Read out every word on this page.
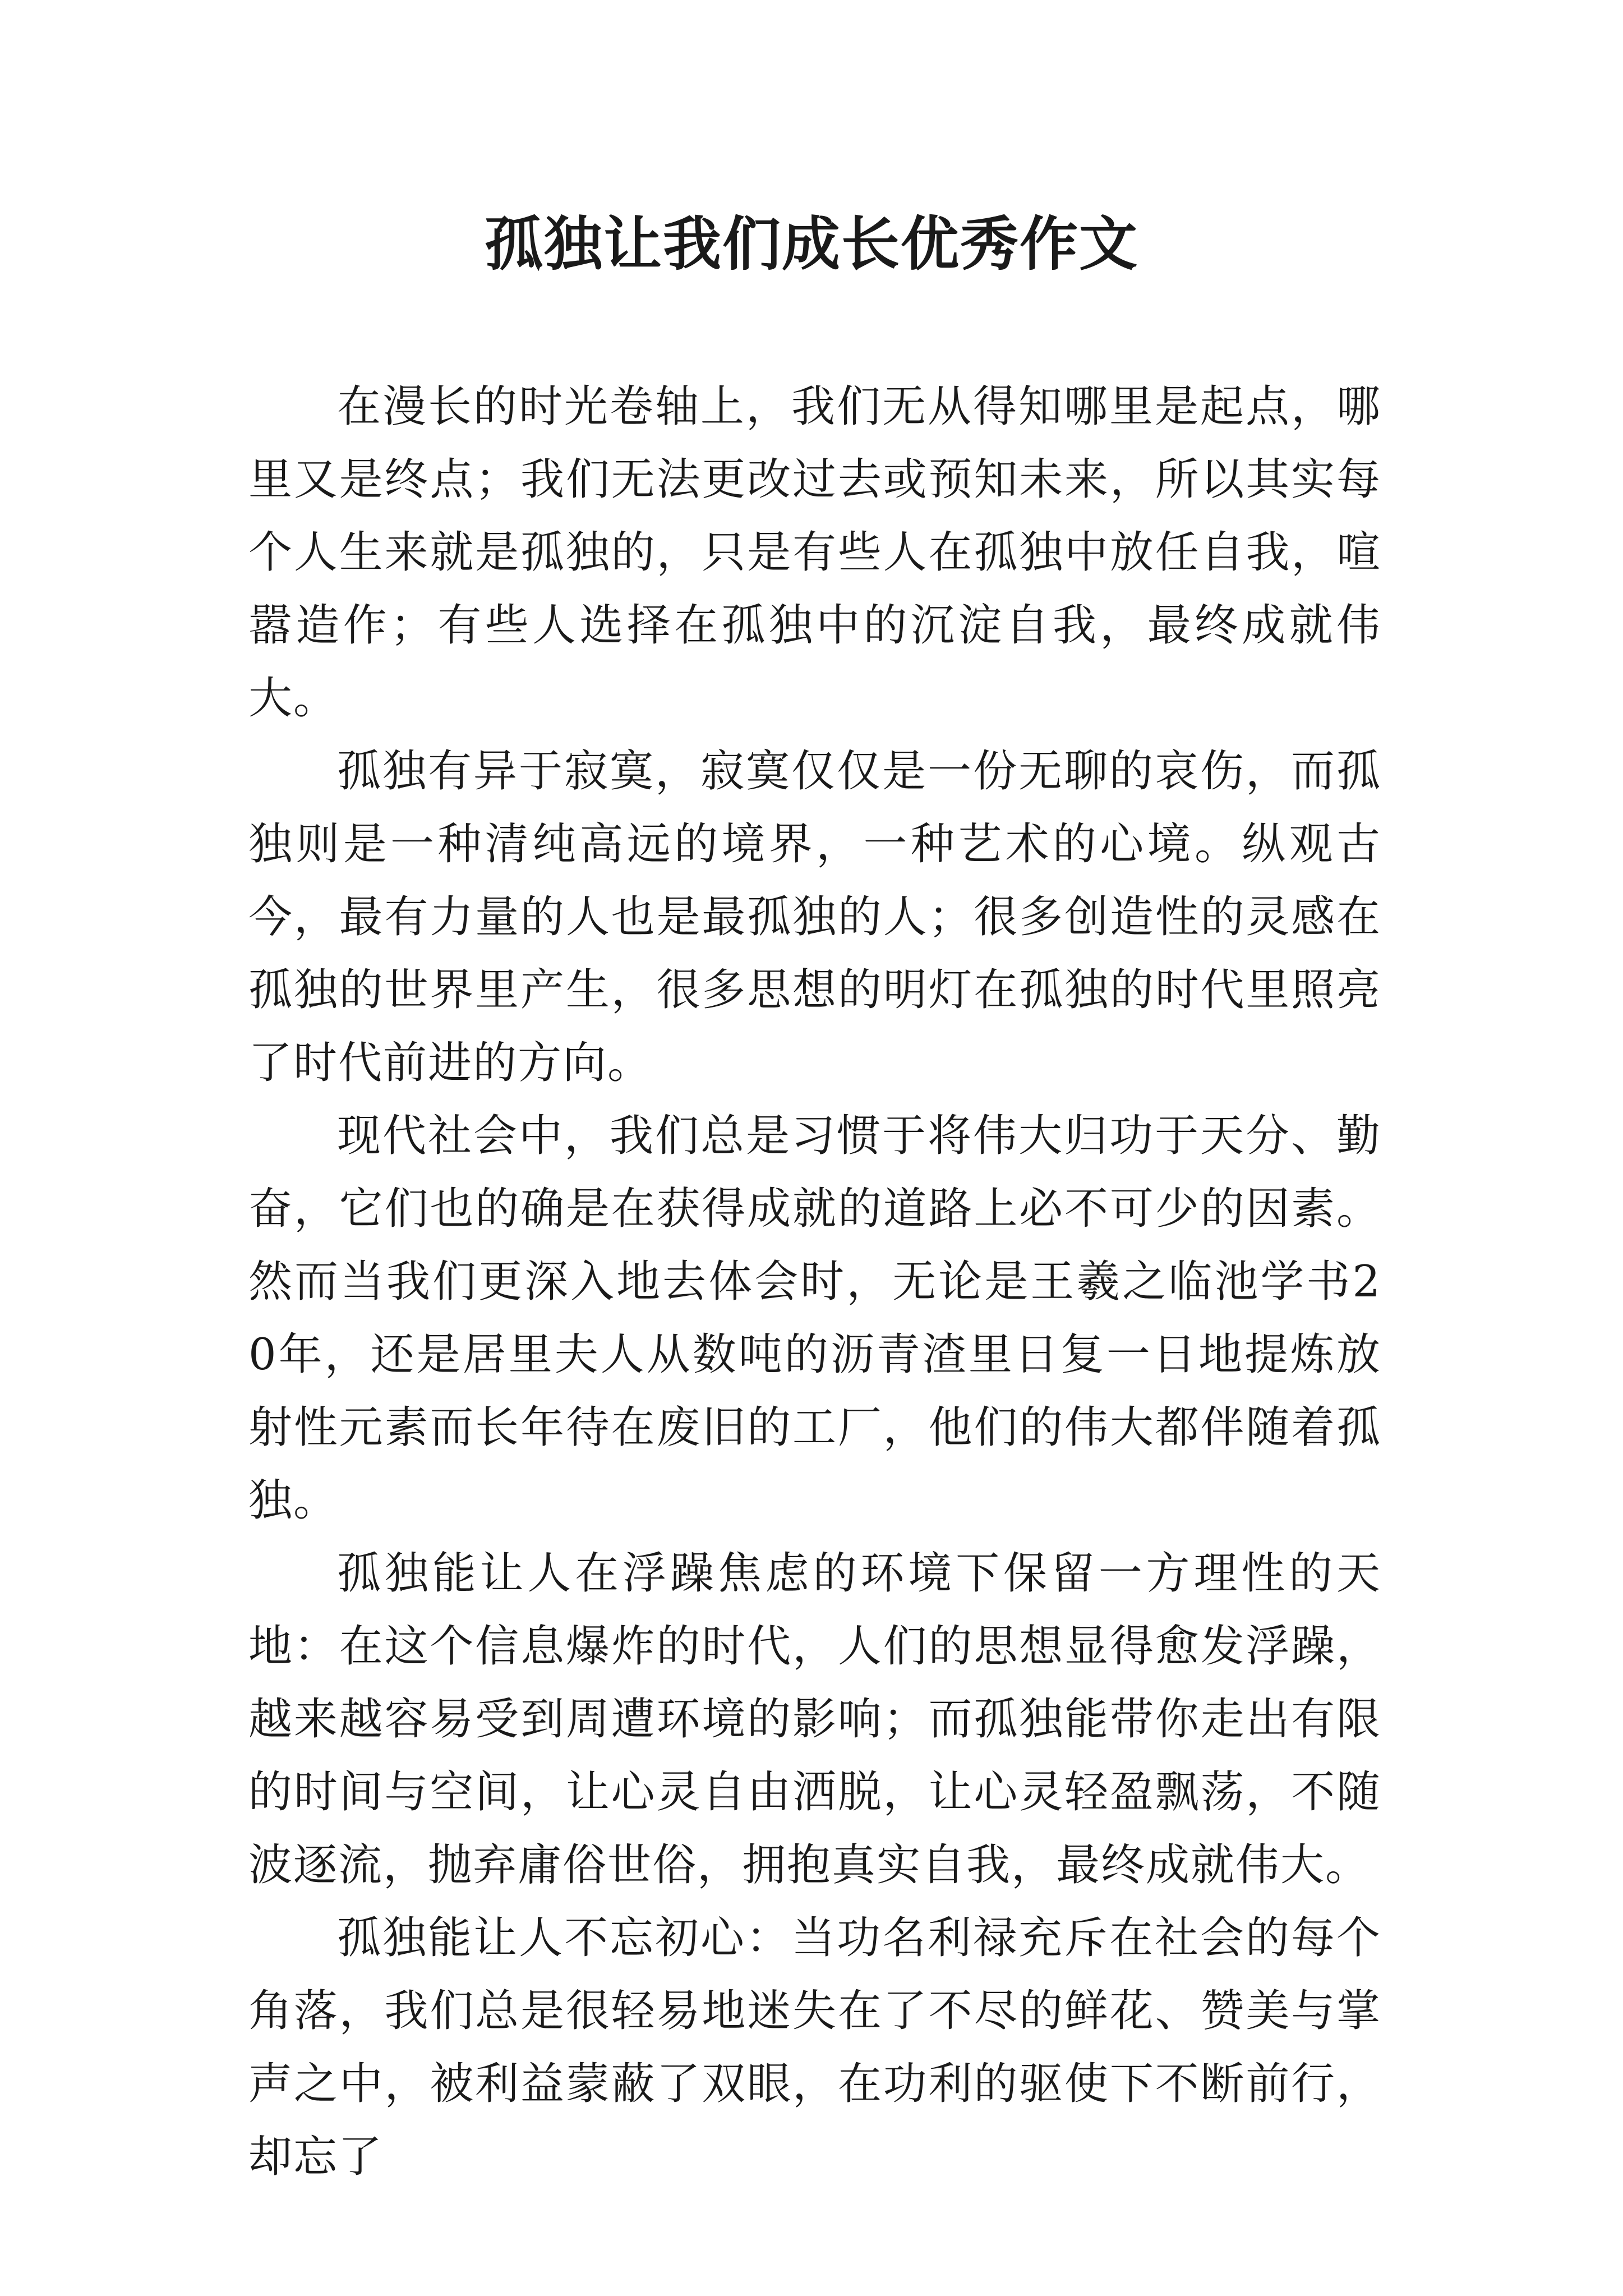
孤独让我们成长优秀作文

在漫长的时光卷轴上，我们无从得知哪里是起点，哪里又是终点；我们无法更改过去或预知未来，所以其实每个人生来就是孤独的，只是有些人在孤独中放任自我，喧嚣造作；有些人选择在孤独中的沉淀自我，最终成就伟大。

孤独有异于寂寞，寂寞仅仅是一份无聊的哀伤，而孤独则是一种清纯高远的境界，一种艺术的心境。纵观古今，最有力量的人也是最孤独的人；很多创造性的灵感在孤独的世界里产生，很多思想的明灯在孤独的时代里照亮了时代前进的方向。

现代社会中，我们总是习惯于将伟大归功于天分、勤奋，它们也的确是在获得成就的道路上必不可少的因素。然而当我们更深入地去体会时，无论是王羲之临池学书20年，还是居里夫人从数吨的沥青渣里日复一日地提炼放射性元素而长年待在废旧的工厂，他们的伟大都伴随着孤独。

孤独能让人在浮躁焦虑的环境下保留一方理性的天地：在这个信息爆炸的时代，人们的思想显得愈发浮躁，越来越容易受到周遭环境的影响；而孤独能带你走出有限的时间与空间，让心灵自由洒脱，让心灵轻盈飘荡，不随波逐流，抛弃庸俗世俗，拥抱真实自我，最终成就伟大。

孤独能让人不忘初心：当功名利禄充斥在社会的每个角落，我们总是很轻易地迷失在了不尽的鲜花、赞美与掌声之中，被利益蒙蔽了双眼，在功利的驱使下不断前行，却忘了
